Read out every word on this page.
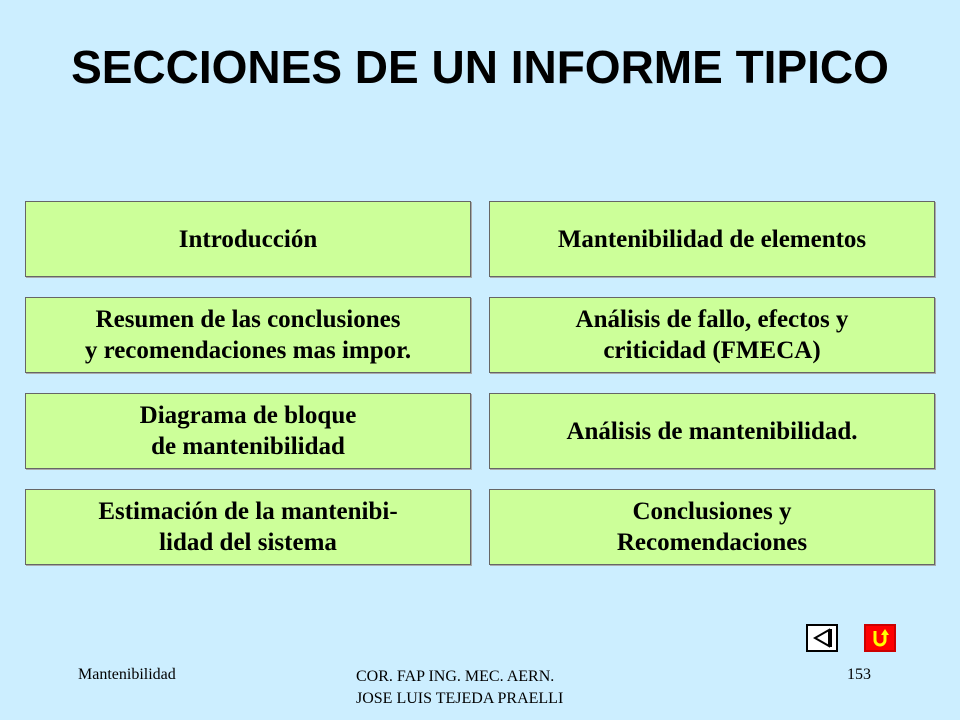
SECCIONES DE UN INFORME TIPICO
Introducción
Resumen de las conclusiones
y recomendaciones mas impor.
Diagrama de bloque
de mantenibilidad
Estimación de la mantenibi-
lidad del sistema
Mantenibilidad de elementos
Análisis de fallo, efectos y
criticidad (FMECA)
Análisis de mantenibilidad.
Conclusiones y
Recomendaciones
Mantenibilidad	COR. FAP ING. MEC. AERN.
JOSE LUIS TEJEDA PRAELLI
153
